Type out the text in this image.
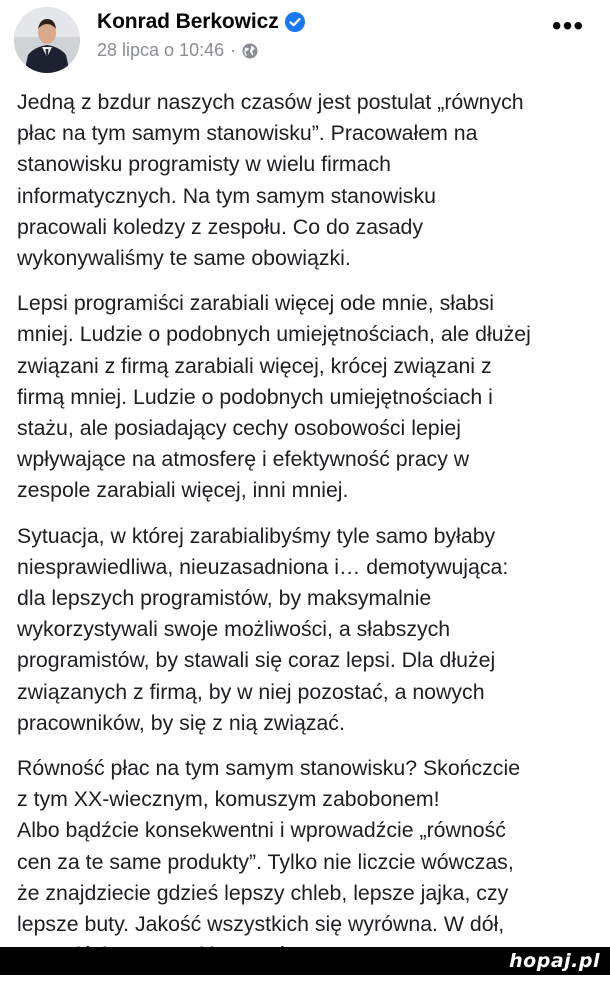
Konrad Berkowicz
28 lipca o 10:46 ·
•••

Jedną z bzdur naszych czasów jest postulat „równych
płac na tym samym stanowisku”. Pracowałem na
stanowisku programisty w wielu firmach
informatycznych. Na tym samym stanowisku
pracowali koledzy z zespołu. Co do zasady
wykonywaliśmy te same obowiązki.

Lepsi programiści zarabiali więcej ode mnie, słabsi
mniej. Ludzie o podobnych umiejętnościach, ale dłużej
związani z firmą zarabiali więcej, krócej związani z
firmą mniej. Ludzie o podobnych umiejętnościach i
stażu, ale posiadający cechy osobowości lepiej
wpływające na atmosferę i efektywność pracy w
zespole zarabiali więcej, inni mniej.

Sytuacja, w której zarabialibyśmy tyle samo byłaby
niesprawiedliwa, nieuzasadniona i… demotywująca:
dla lepszych programistów, by maksymalnie
wykorzystywali swoje możliwości, a słabszych
programistów, by stawali się coraz lepsi. Dla dłużej
związanych z firmą, by w niej pozostać, a nowych
pracowników, by się z nią związać.

Równość płac na tym samym stanowisku? Skończcie
z tym XX-wiecznym, komuszym zabobonem!
Albo bądźcie konsekwentni i wprowadźcie „równość
cen za te same produkty”. Tylko nie liczcie wówczas,
że znajdziecie gdzieś lepszy chleb, lepsze jajka, czy
lepsze buty. Jakość wszystkich się wyrówna. W dół,

hopaj.pl
